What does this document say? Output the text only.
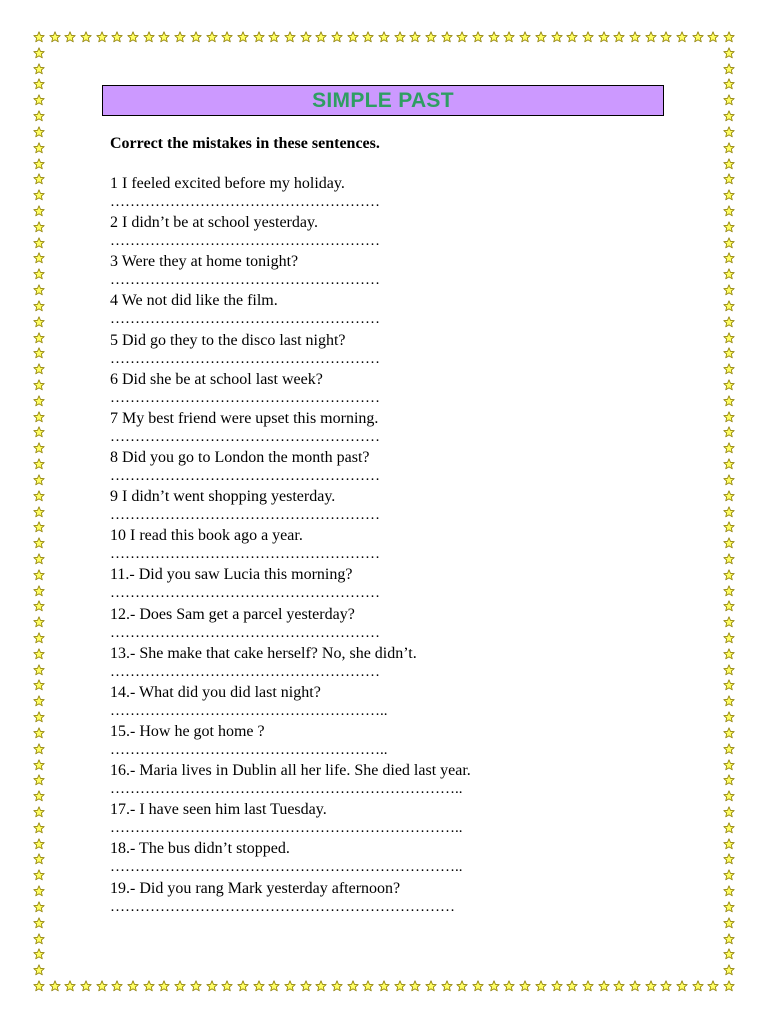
SIMPLE PAST
Correct the mistakes in these sentences.
1 I feeled excited before my holiday.
………………………………………………
2 I didn’t be at school yesterday.
………………………………………………
3 Were they at home tonight?
………………………………………………
4 We not did like the film.
………………………………………………
5 Did go they to the disco last night?
………………………………………………
6 Did she be at school last week?
………………………………………………
7 My best friend were upset this morning.
………………………………………………
8 Did you go to London the month past?
………………………………………………
9 I didn’t went shopping yesterday.
………………………………………………
10 I read this book ago a year.
………………………………………………
11.- Did you saw Lucia this morning?
………………………………………………
12.- Does Sam get a parcel yesterday?
………………………………………………
13.- She make that cake herself? No, she didn’t.
………………………………………………
14.- What did you did last night?
………………………………………………..
15.- How he got home ?
………………………………………………..
16.- Maria lives in Dublin all her life. She died last year.
……………………………………………………………..
17.- I have seen him last Tuesday.
……………………………………………………………..
18.- The bus didn’t stopped.
……………………………………………………………..
19.- Did you rang Mark yesterday afternoon?
……………………………………………………………
